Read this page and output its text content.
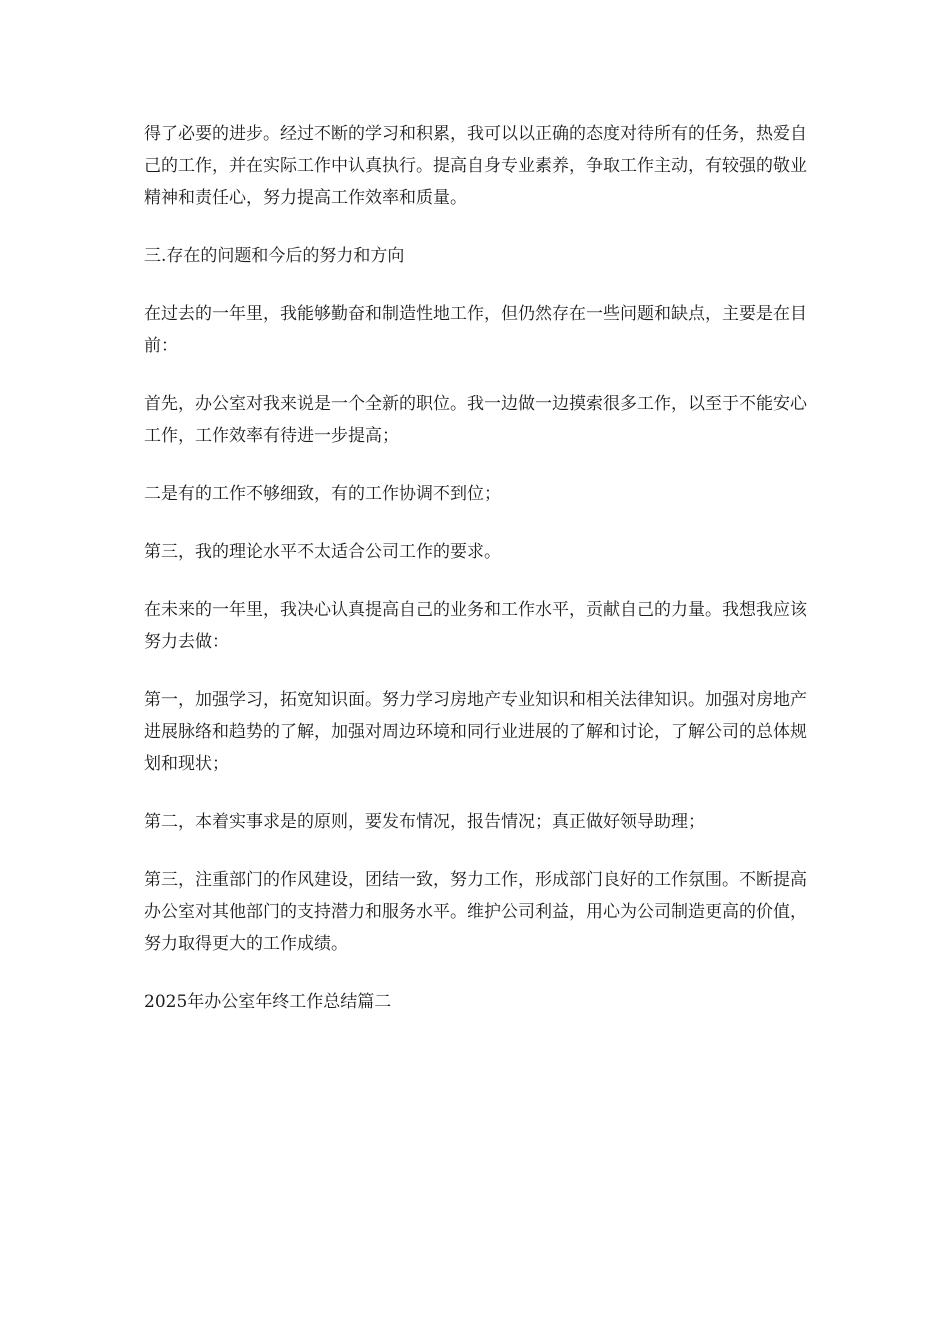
得了必要的进步。经过不断的学习和积累，我可以以正确的态度对待所有的任务，热爱自己的工作，并在实际工作中认真执行。提高自身专业素养，争取工作主动，有较强的敬业精神和责任心，努力提高工作效率和质量。

三.存在的问题和今后的努力和方向

在过去的一年里，我能够勤奋和制造性地工作，但仍然存在一些问题和缺点，主要是在目前：

首先，办公室对我来说是一个全新的职位。我一边做一边摸索很多工作，以至于不能安心工作，工作效率有待进一步提高；

二是有的工作不够细致，有的工作协调不到位；

第三，我的理论水平不太适合公司工作的要求。

在未来的一年里，我决心认真提高自己的业务和工作水平，贡献自己的力量。我想我应该努力去做：

第一，加强学习，拓宽知识面。努力学习房地产专业知识和相关法律知识。加强对房地产进展脉络和趋势的了解，加强对周边环境和同行业进展的了解和讨论，了解公司的总体规划和现状；

第二，本着实事求是的原则，要发布情况，报告情况；真正做好领导助理；

第三，注重部门的作风建设，团结一致，努力工作，形成部门良好的工作氛围。不断提高办公室对其他部门的支持潜力和服务水平。维护公司利益，用心为公司制造更高的价值，努力取得更大的工作成绩。

2025年办公室年终工作总结篇二
